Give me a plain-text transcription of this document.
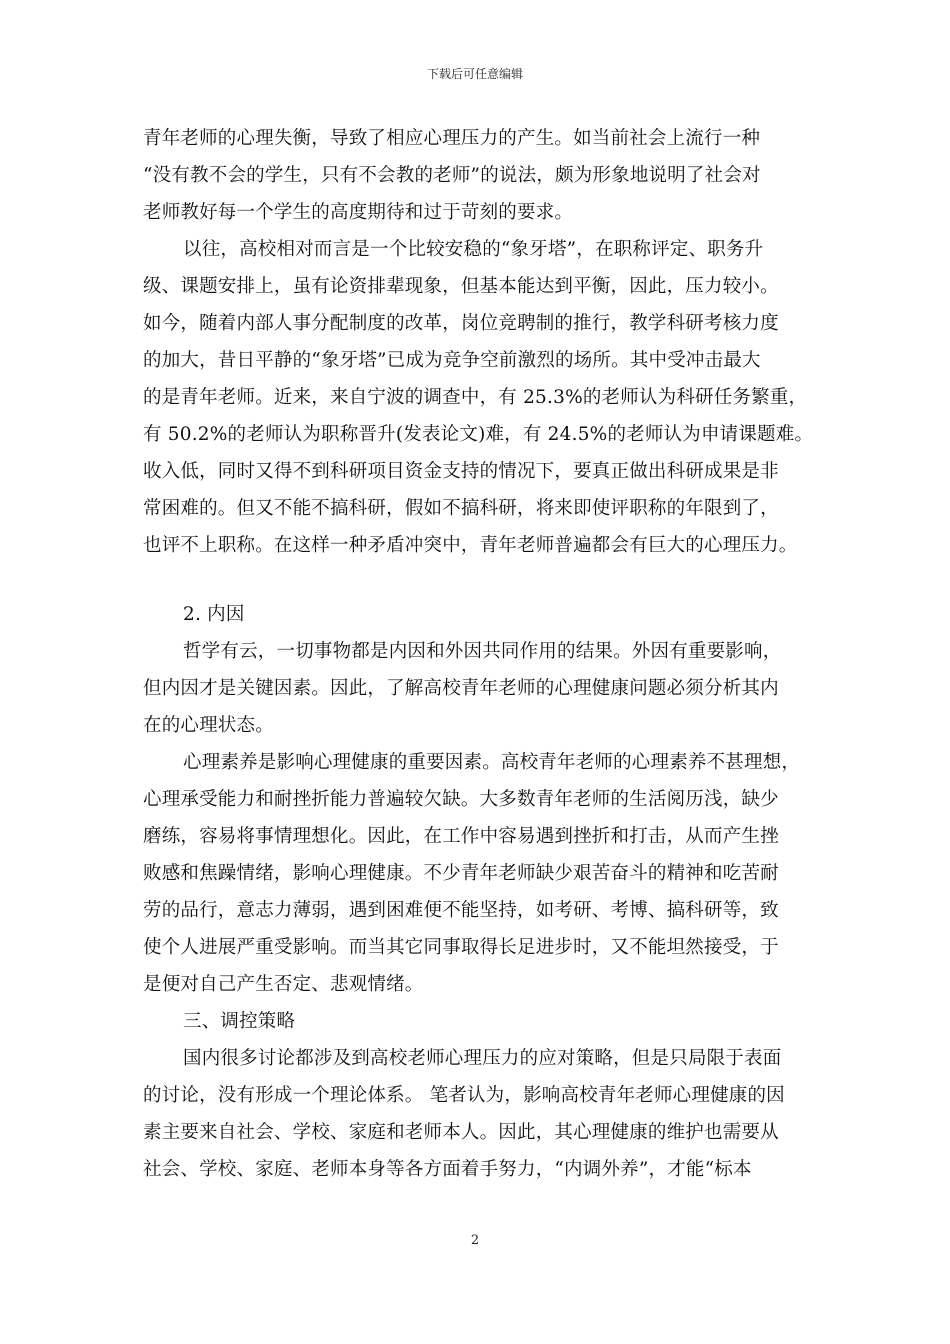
下载后可任意编辑
青年老师的心理失衡，导致了相应心理压力的产生。如当前社会上流行一种
“没有教不会的学生，只有不会教的老师”的说法，颇为形象地说明了社会对
老师教好每一个学生的高度期待和过于苛刻的要求。
以往，高校相对而言是一个比较安稳的“象牙塔”，在职称评定、职务升
级、课题安排上，虽有论资排辈现象，但基本能达到平衡，因此，压力较小。
如今，随着内部人事分配制度的改革，岗位竞聘制的推行，教学科研考核力度
的加大，昔日平静的“象牙塔”已成为竞争空前激烈的场所。其中受冲击最大
的是青年老师。近来，来自宁波的调查中，有 25.3%的老师认为科研任务繁重，
有 50.2%的老师认为职称晋升(发表论文)难，有 24.5%的老师认为申请课题难。
收入低，同时又得不到科研项目资金支持的情况下，要真正做出科研成果是非
常困难的。但又不能不搞科研，假如不搞科研，将来即使评职称的年限到了，
也评不上职称。在这样一种矛盾冲突中，青年老师普遍都会有巨大的心理压力。
2. 内因
哲学有云，一切事物都是内因和外因共同作用的结果。外因有重要影响，
但内因才是关键因素。因此，了解高校青年老师的心理健康问题必须分析其内
在的心理状态。
心理素养是影响心理健康的重要因素。高校青年老师的心理素养不甚理想，
心理承受能力和耐挫折能力普遍较欠缺。大多数青年老师的生活阅历浅，缺少
磨练，容易将事情理想化。因此，在工作中容易遇到挫折和打击，从而产生挫
败感和焦躁情绪，影响心理健康。不少青年老师缺少艰苦奋斗的精神和吃苦耐
劳的品行，意志力薄弱，遇到困难便不能坚持，如考研、考博、搞科研等，致
使个人进展严重受影响。而当其它同事取得长足进步时，又不能坦然接受，于
是便对自己产生否定、悲观情绪。
三、调控策略
国内很多讨论都涉及到高校老师心理压力的应对策略，但是只局限于表面
的讨论，没有形成一个理论体系。 笔者认为，影响高校青年老师心理健康的因
素主要来自社会、学校、家庭和老师本人。因此，其心理健康的维护也需要从
社会、学校、家庭、老师本身等各方面着手努力，“内调外养”，才能“标本
2
